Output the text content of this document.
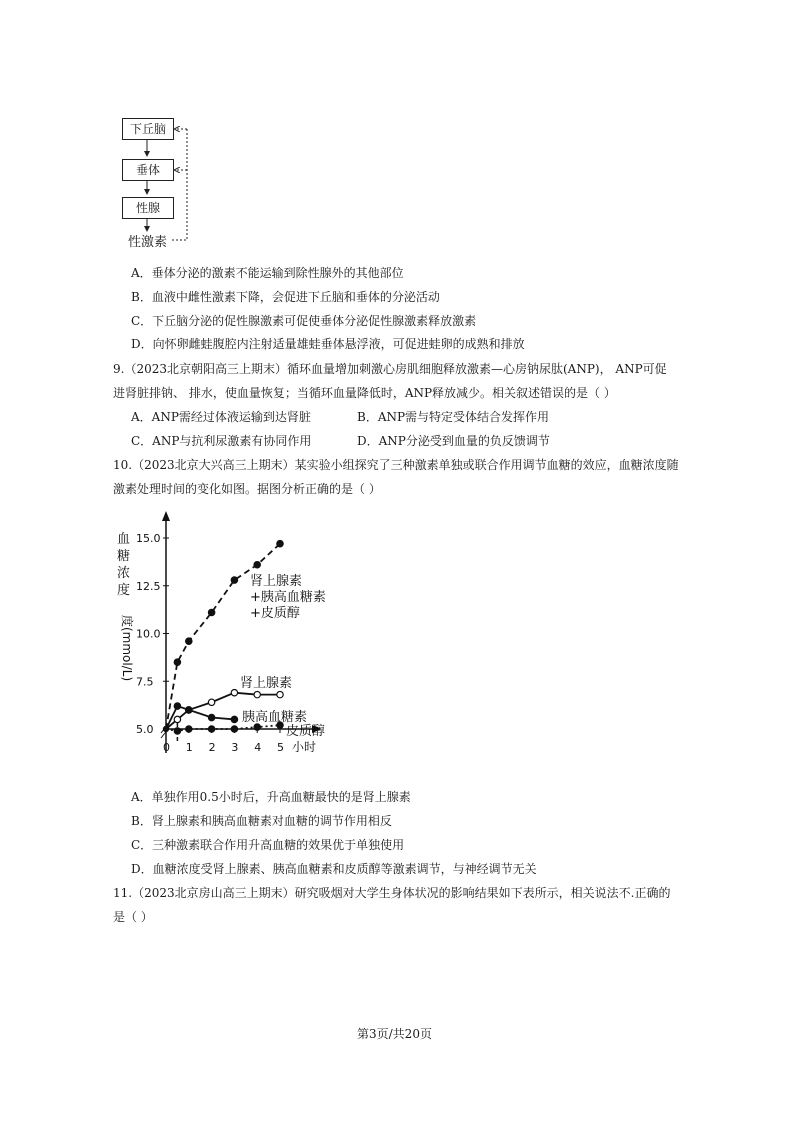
下丘脑
垂体
性腺
性激素
A．垂体分泌的激素不能运输到除性腺外的其他部位
B．血液中雌性激素下降，会促进下丘脑和垂体的分泌活动
C．下丘脑分泌的促性腺激素可促使垂体分泌促性腺激素释放激素
D．向怀卵雌蛙腹腔内注射适量雄蛙垂体悬浮液，可促进蛙卵的成熟和排放
9.（2023北京朝阳高三上期末）循环血量增加刺激心房肌细胞释放激素—心房钠尿肽(ANP)， ANP可促
进肾脏排钠、 排水，使血量恢复；当循环血量降低时，ANP释放减少。相关叙述错误的是（ ）
A．ANP需经过体液运输到达肾脏	B．ANP需与特定受体结合发挥作用
C．ANP与抗利尿激素有协同作用	D．ANP分泌受到血量的负反馈调节
10.（2023北京大兴高三上期末）某实验小组探究了三种激素单独或联合作用调节血糖的效应，血糖浓度随
激素处理时间的变化如图。据图分析正确的是（ ）
5.0
7.5
10.0
12.5
15.0
0 1 2 3 4 5 小时
血
糖
浓
度
度(mmol/L)
肾上腺素
+胰高血糖素
+皮质醇
肾上腺素
胰高血糖素
皮质醇
A．单独作用0.5小时后，升高血糖最快的是肾上腺素
B．肾上腺素和胰高血糖素对血糖的调节作用相反
C．三种激素联合作用升高血糖的效果优于单独使用
D．血糖浓度受肾上腺素、胰高血糖素和皮质醇等激素调节，与神经调节无关
11.（2023北京房山高三上期末）研究吸烟对大学生身体状况的影响结果如下表所示，相关说法不.正确的
是（ ）
第3页/共20页
